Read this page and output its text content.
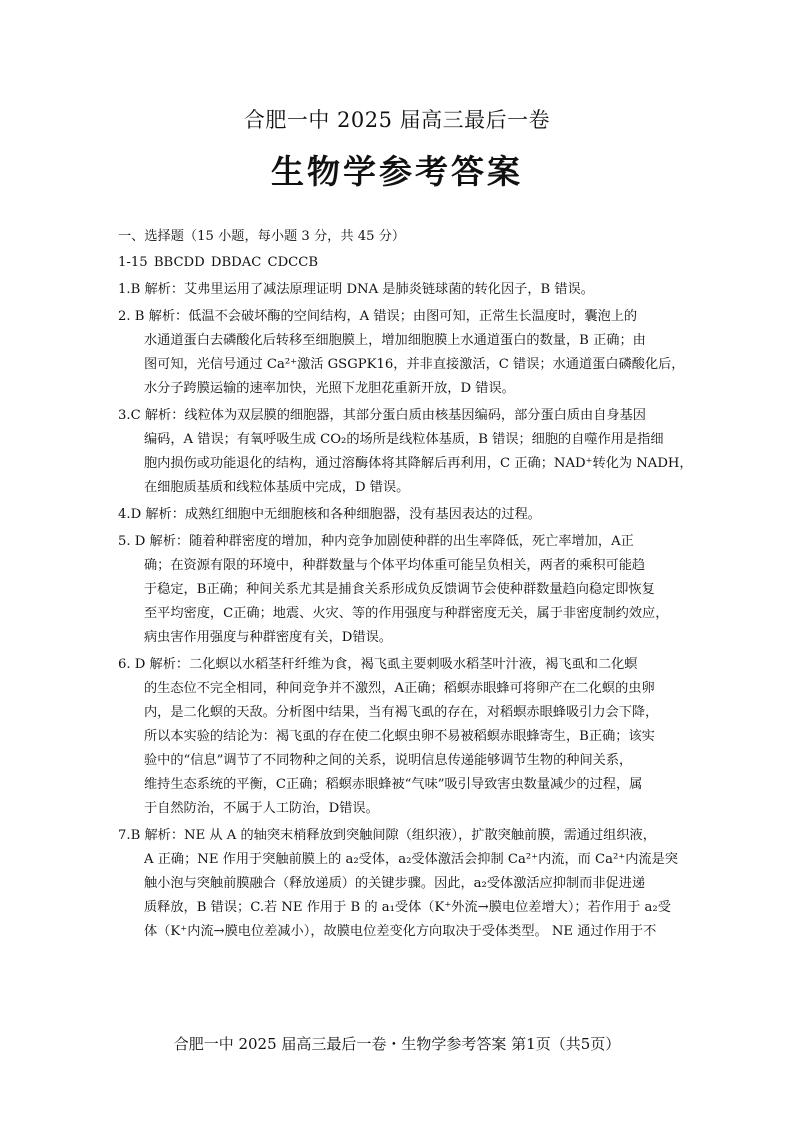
合肥一中 2025 届高三最后一卷
生物学参考答案
一、选择题（15 小题，每小题 3 分，共 45 分）
1-15 BBCDD DBDAC CDCCB
1.B 解析：艾弗里运用了减法原理证明 DNA 是肺炎链球菌的转化因子，B 错误。
2. B 解析：低温不会破坏酶的空间结构，A 错误；由图可知，正常生长温度时，囊泡上的
水通道蛋白去磷酸化后转移至细胞膜上，增加细胞膜上水通道蛋白的数量，B 正确；由
图可知，光信号通过 Ca²⁺激活 GSGPK16，并非直接激活，C 错误；水通道蛋白磷酸化后，
水分子跨膜运输的速率加快，光照下龙胆花重新开放，D 错误。
3.C 解析：线粒体为双层膜的细胞器，其部分蛋白质由核基因编码，部分蛋白质由自身基因
编码，A 错误；有氧呼吸生成 CO₂的场所是线粒体基质，B 错误；细胞的自噬作用是指细
胞内损伤或功能退化的结构，通过溶酶体将其降解后再利用，C 正确；NAD⁺转化为 NADH，
在细胞质基质和线粒体基质中完成，D 错误。
4.D 解析：成熟红细胞中无细胞核和各种细胞器，没有基因表达的过程。
5. D 解析：随着种群密度的增加，种内竞争加剧使种群的出生率降低，死亡率增加，A正
确；在资源有限的环境中，种群数量与个体平均体重可能呈负相关，两者的乘积可能趋
于稳定，B正确；种间关系尤其是捕食关系形成负反馈调节会使种群数量趋向稳定即恢复
至平均密度，C正确；地震、火灾、等的作用强度与种群密度无关，属于非密度制约效应，
病虫害作用强度与种群密度有关，D错误。
6. D 解析：二化螟以水稻茎秆纤维为食，褐飞虱主要刺吸水稻茎叶汁液，褐飞虱和二化螟
的生态位不完全相同，种间竞争并不激烈，A正确；稻螟赤眼蜂可将卵产在二化螟的虫卵
内，是二化螟的天敌。分析图中结果，当有褐飞虱的存在，对稻螟赤眼蜂吸引力会下降，
所以本实验的结论为：褐飞虱的存在使二化螟虫卵不易被稻螟赤眼蜂寄生，B正确；该实
验中的“信息”调节了不同物种之间的关系，说明信息传递能够调节生物的种间关系，
维持生态系统的平衡，C正确；稻螟赤眼蜂被“气味”吸引导致害虫数量减少的过程，属
于自然防治，不属于人工防治，D错误。
7.B 解析：NE 从 A 的轴突末梢释放到突触间隙（组织液），扩散突触前膜，需通过组织液，
A 正确；NE 作用于突触前膜上的 a₂受体，a₂受体激活会抑制 Ca²⁺内流，而 Ca²⁺内流是突
触小泡与突触前膜融合（释放递质）的关键步骤。因此，a₂受体激活应抑制而非促进递
质释放，B 错误；C.若 NE 作用于 B 的 a₁受体（K⁺外流→膜电位差增大）；若作用于 a₂受
体（K⁺内流→膜电位差减小），故膜电位差变化方向取决于受体类型。 NE 通过作用于不
合肥一中 2025 届高三最后一卷・生物学参考答案 第1页（共5页）
